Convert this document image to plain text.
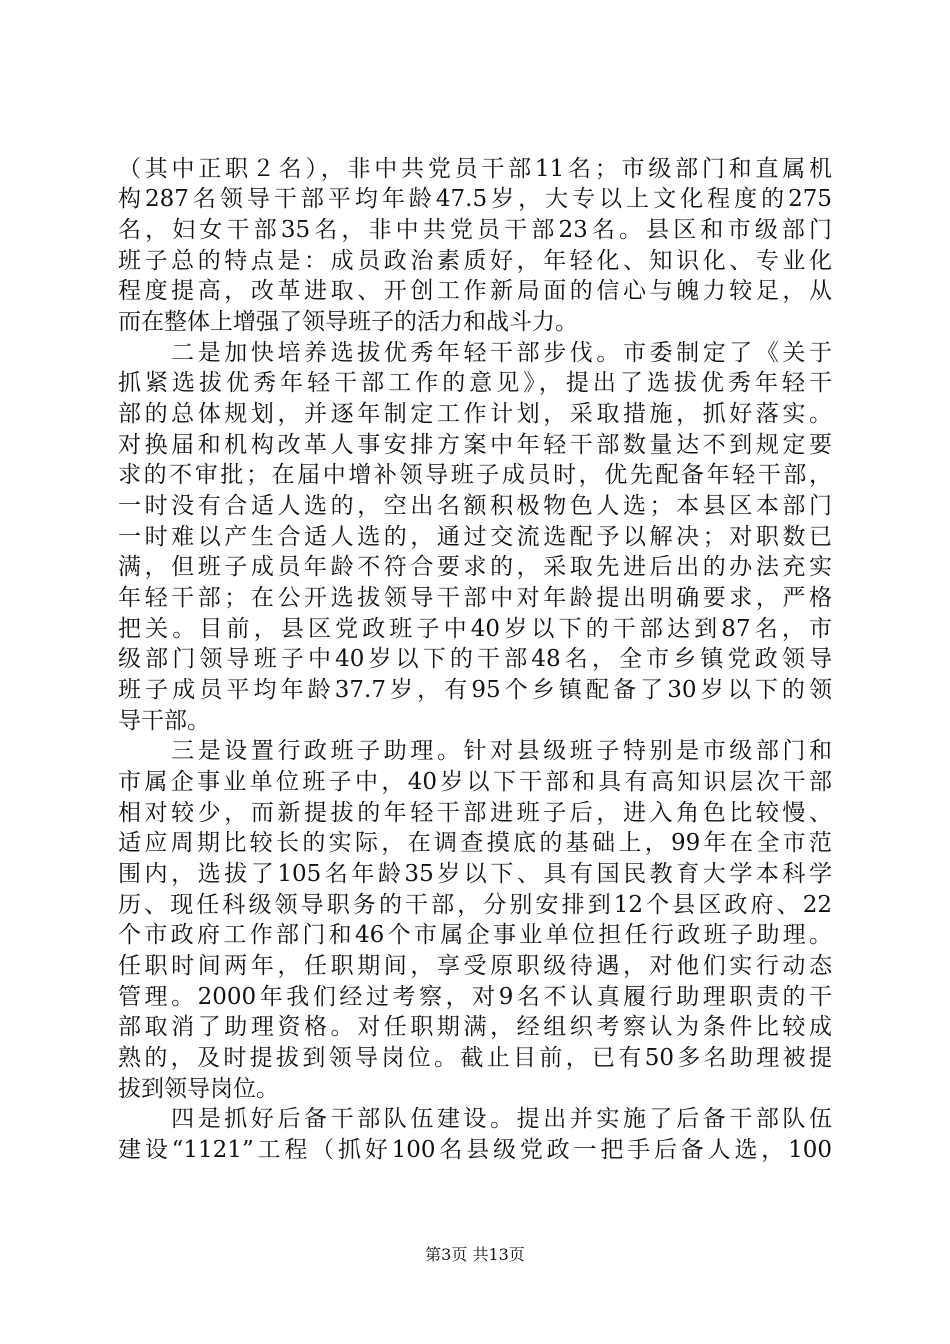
（其中正职２名），非中共党员干部11名；市级部门和直属机
构287名领导干部平均年龄47.5岁，大专以上文化程度的275
名，妇女干部35名，非中共党员干部23名。县区和市级部门
班子总的特点是：成员政治素质好，年轻化、知识化、专业化
程度提高，改革进取、开创工作新局面的信心与魄力较足，从
而在整体上增强了领导班子的活力和战斗力。
　　二是加快培养选拔优秀年轻干部步伐。市委制定了《关于
抓紧选拔优秀年轻干部工作的意见》，提出了选拔优秀年轻干
部的总体规划，并逐年制定工作计划，采取措施，抓好落实。
对换届和机构改革人事安排方案中年轻干部数量达不到规定要
求的不审批；在届中增补领导班子成员时，优先配备年轻干部，
一时没有合适人选的，空出名额积极物色人选；本县区本部门
一时难以产生合适人选的，通过交流选配予以解决；对职数已
满，但班子成员年龄不符合要求的，采取先进后出的办法充实
年轻干部；在公开选拔领导干部中对年龄提出明确要求，严格
把关。目前，县区党政班子中40岁以下的干部达到87名，市
级部门领导班子中40岁以下的干部48名，全市乡镇党政领导
班子成员平均年龄37.7岁，有95个乡镇配备了30岁以下的领
导干部。
　　三是设置行政班子助理。针对县级班子特别是市级部门和
市属企事业单位班子中，40岁以下干部和具有高知识层次干部
相对较少，而新提拔的年轻干部进班子后，进入角色比较慢、
适应周期比较长的实际，在调查摸底的基础上，99年在全市范
围内，选拔了105名年龄35岁以下、具有国民教育大学本科学
历、现任科级领导职务的干部，分别安排到12个县区政府、22
个市政府工作部门和46个市属企事业单位担任行政班子助理。
任职时间两年，任职期间，享受原职级待遇，对他们实行动态
管理。2000年我们经过考察，对9名不认真履行助理职责的干
部取消了助理资格。对任职期满，经组织考察认为条件比较成
熟的，及时提拔到领导岗位。截止目前，已有50多名助理被提
拔到领导岗位。
　　四是抓好后备干部队伍建设。提出并实施了后备干部队伍
建设“1121”工程（抓好100名县级党政一把手后备人选，100
第3页 共13页
